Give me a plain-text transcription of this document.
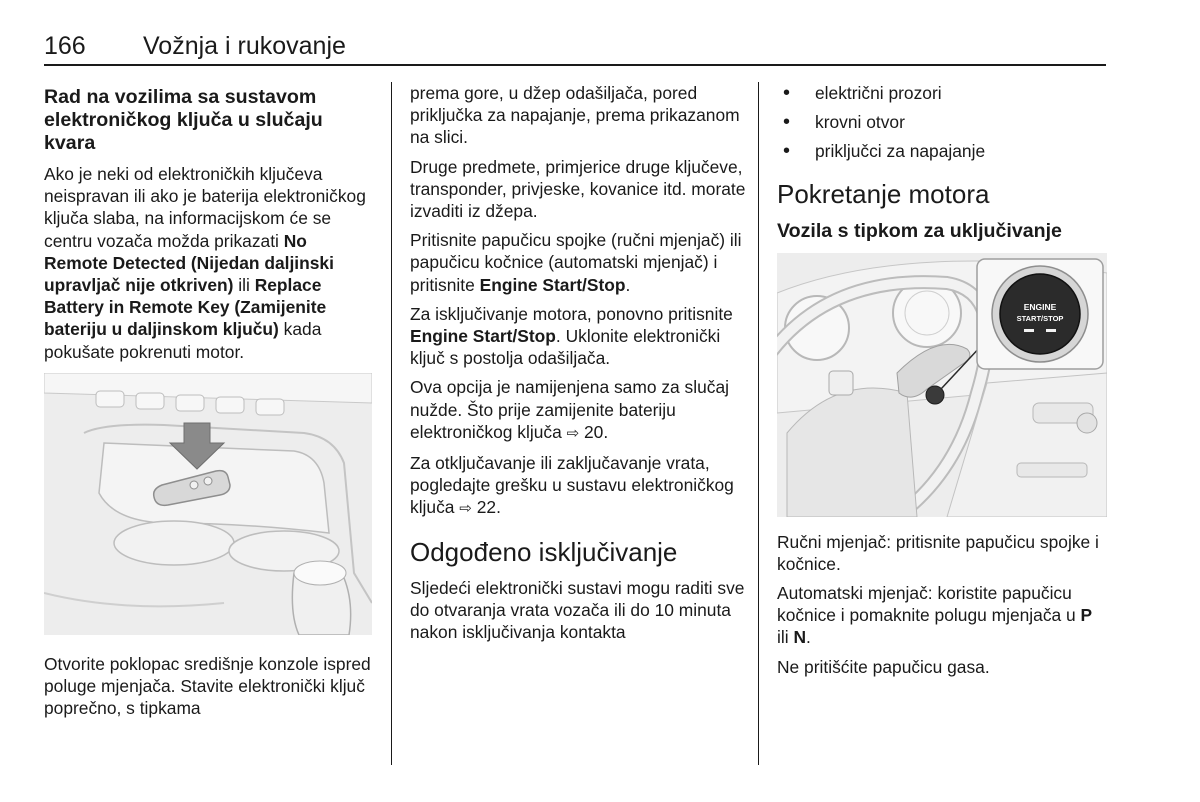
166 Vožnja i rukovanje
Rad na vozilima sa sustavom elektroničkog ključa u slučaju kvara

Ako je neki od elektroničkih ključeva neispravan ili ako je baterija elektroničkog ključa slaba, na informacijskom će se centru vozača možda prikazati No Remote Detected (Nijedan daljinski upravljač nije otkriven) ili Replace Battery in Remote Key (Zamijenite bateriju u daljinskom ključu) kada pokušate pokrenuti motor.

Otvorite poklopac središnje konzole ispred poluge mjenjača. Stavite elektronički ključ poprečno, s tipkama

prema gore, u džep odašiljača, pored priključka za napajanje, prema prikazanom na slici.

Druge predmete, primjerice druge ključeve, transponder, privjeske, kovanice itd. morate izvaditi iz džepa.

Pritisnite papučicu spojke (ručni mjenjač) ili papučicu kočnice (automatski mjenjač) i pritisnite Engine Start/Stop.

Za isključivanje motora, ponovno pritisnite Engine Start/Stop. Uklonite elektronički ključ s postolja odašiljača.

Ova opcija je namijenjena samo za slučaj nužde. Što prije zamijenite bateriju elektroničkog ključa ⇨ 20.

Za otključavanje ili zaključavanje vrata, pogledajte grešku u sustavu elektroničkog ključa ⇨ 22.

Odgođeno isključivanje

Sljedeći elektronički sustavi mogu raditi sve do otvaranja vrata vozača ili do 10 minuta nakon isključivanja kontakta

• električni prozori
• krovni otvor
• priključci za napajanje
Pokretanje motora
Vozila s tipkom za uključivanje
ENGINE
START/STOP

Ručni mjenjač: pritisnite papučicu spojke i kočnice.

Automatski mjenjač: koristite papučicu kočnice i pomaknite polugu mjenjača u P ili N.

Ne pritišćite papučicu gasa.
